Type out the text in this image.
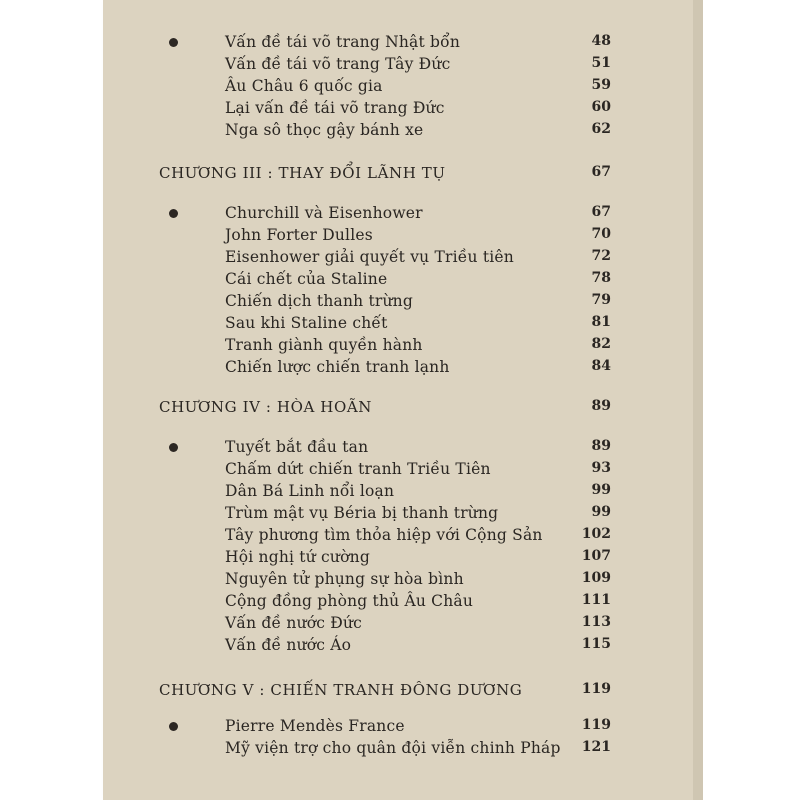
Vấn đề tái võ trang Nhật bổn	48
Vấn đề tái võ trang Tây Đức	51
Âu Châu 6 quốc gia	59
Lại vấn đề tái võ trang Đức	60
Nga sô thọc gậy bánh xe	62
CHƯƠNG III : THAY ĐỔI LÃNH TỤ	67
Churchill và Eisenhower	67
John Forter Dulles	70
Eisenhower giải quyết vụ Triều tiên	72
Cái chết của Staline	78
Chiến dịch thanh trừng	79
Sau khi Staline chết	81
Tranh giành quyền hành	82
Chiến lược chiến tranh lạnh	84
CHƯƠNG IV : HÒA HOÃN	89
Tuyết bắt đầu tan	89
Chấm dứt chiến tranh Triều Tiên	93
Dân Bá Linh nổi loạn	99
Trùm mật vụ Béria bị thanh trừng	99
Tây phương tìm thỏa hiệp với Cộng Sản	102
Hội nghị tứ cường	107
Nguyên tử phụng sự hòa bình	109
Cộng đồng phòng thủ Âu Châu	111
Vấn đề nước Đức	113
Vấn đề nước Áo	115
CHƯƠNG V : CHIẾN TRANH ĐÔNG DƯƠNG	119
Pierre Mendès France	119
Mỹ viện trợ cho quân đội viễn chinh Pháp 121
